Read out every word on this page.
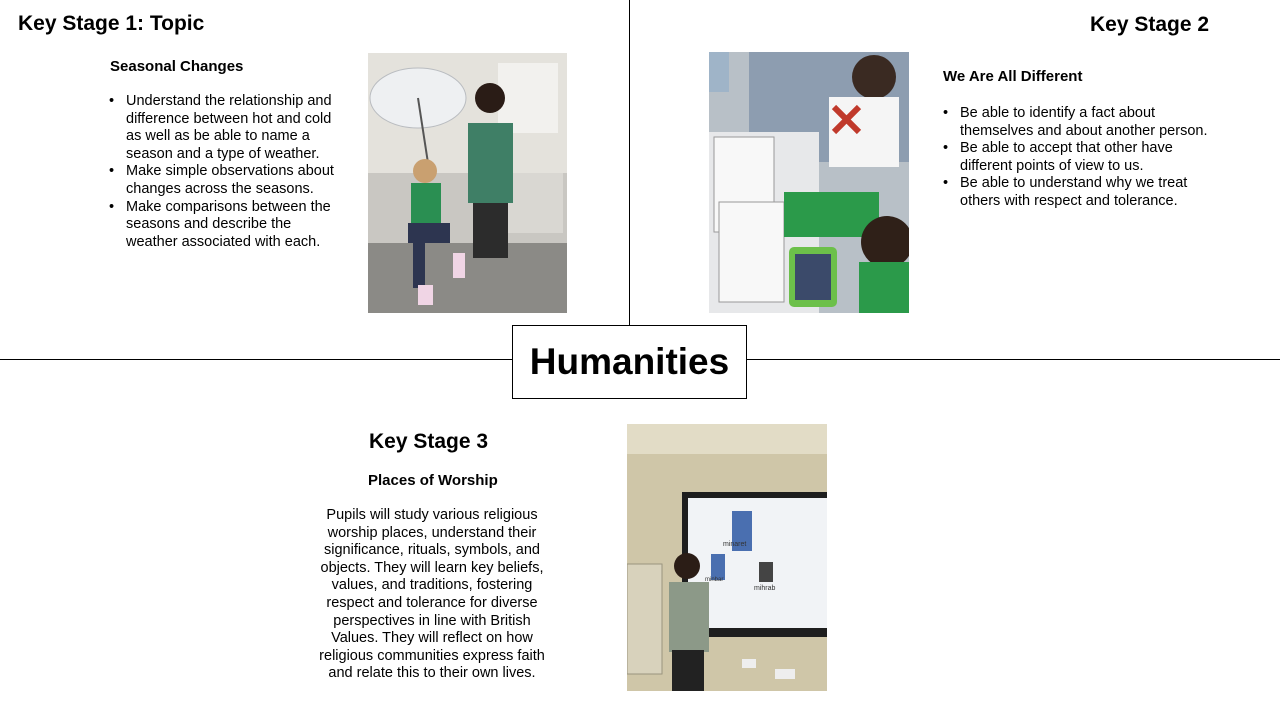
Humanities
Key Stage 1: Topic
Seasonal Changes
• Understand the relationship and difference between hot and cold as well as be able to name a season and a type of weather.
• Make simple observations about changes across the seasons.
• Make comparisons between the seasons and describe the weather associated with each.
Key Stage 2
We Are All Different
• Be able to identify a fact about themselves and about another person.
• Be able to accept that other have different points of view to us.
• Be able to understand why we treat others with respect and tolerance.
Key Stage 3
Places of Worship
Pupils will study various religious worship places, understand their significance, rituals, symbols, and objects. They will learn key beliefs, values, and traditions, fostering respect and tolerance for diverse perspectives in line with British Values. They will reflect on how religious communities express faith and relate this to their own lives.
minaret
minbar
mihrab
